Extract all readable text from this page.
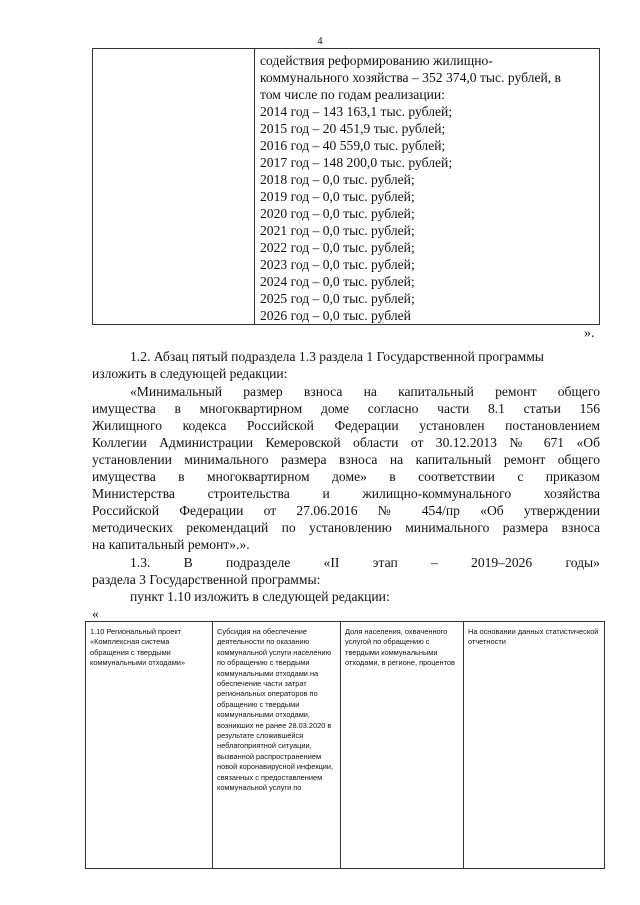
4
содействия реформированию жилищно-
коммунального хозяйства – 352 374,0 тыс. рублей, в
том числе по годам реализации:
2014 год – 143 163,1 тыс. рублей;
2015 год – 20 451,9 тыс. рублей;
2016 год – 40 559,0 тыс. рублей;
2017 год – 148 200,0 тыс. рублей;
2018 год – 0,0 тыс. рублей;
2019 год – 0,0 тыс. рублей;
2020 год – 0,0 тыс. рублей;
2021 год – 0,0 тыс. рублей;
2022 год – 0,0 тыс. рублей;
2023 год – 0,0 тыс. рублей;
2024 год – 0,0 тыс. рублей;
2025 год – 0,0 тыс. рублей;
2026 год – 0,0 тыс. рублей
».

1.2. Абзац пятый подраздела 1.3 раздела 1 Государственной программы

изложить в следующей редакции:

«Минимальный размер взноса на капитальный ремонт общего

имущества в многоквартирном доме согласно части 8.1 статьи 156

Жилищного кодекса Российской Федерации установлен постановлением

Коллегии Администрации Кемеровской области от 30.12.2013 № 671 «Об

установлении минимального размера взноса на капитальный ремонт общего

имущества в многоквартирном доме» в соответствии с приказом

Министерства строительства и жилищно-коммунального хозяйства

Российской Федерации от 27.06.2016 № 454/пр «Об утверждении

методических рекомендаций по установлению минимального размера взноса

на капитальный ремонт».».

1.3. В подразделе «II этап – 2019–2026 годы»

раздела 3 Государственной программы:

пункт 1.10 изложить в следующей редакции:

«
1.10 Региональный проект «Комплексная система обращения с твердыми коммунальными отходами»
Субсидия на обеспечение деятельности по оказанию коммунальной услуги населению по обращению с твердыми коммунальными отходами на обеспечение части затрат региональных операторов по обращению с твердыми коммунальными отходами, возникших не ранее 28.03.2020 в результате сложившейся неблагоприятной ситуации, вызванной распространением новой коронавирусной инфекции, связанных с предоставлением коммунальной услуги по
Доля населения, охваченного услугой по обращению с твердыми коммунальными отходами, в регионе, процентов
На основании данных статистической отчетности
